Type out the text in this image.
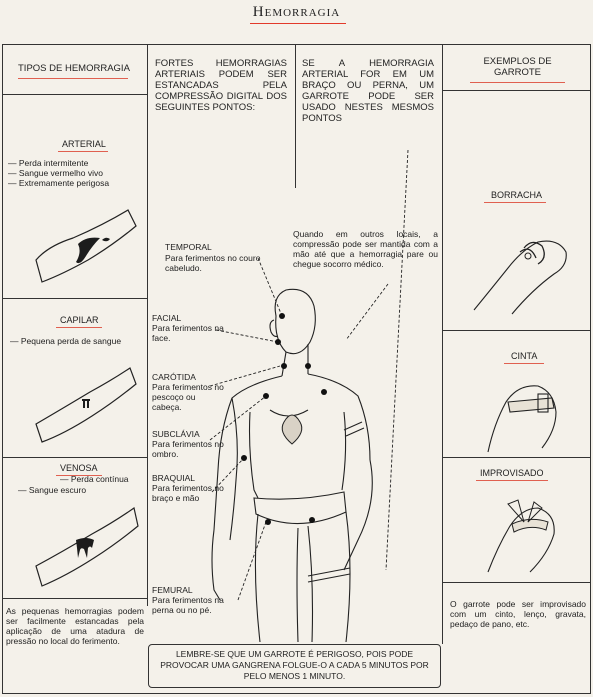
Hemorragia
TIPOS DE HEMORRAGIA	FORTES HEMORRAGIAS ARTERIAIS PODEM SER ESTANCADAS PELA COMPRESSÃO DIGITAL DOS SEGUINTES PONTOS:
SE A HEMORRAGIA ARTERIAL FOR EM UM BRAÇO OU PERNA, UM GARROTE PODE SER USADO NESTES MESMOS PONTOS
EXEMPLOS DE GARROTE
ARTERIAL
— Perda intermitente
— Sangue vermelho vivo
— Extremamente perigosa
CAPILAR
— Pequena perda de sangue
VENOSA
— Perda contínua
— Sangue escuro
As pequenas hemorragias podem ser facilmente estancadas pela aplicação de uma atadura de pressão no local do ferimento.
Quando em outros locais, a compressão pode ser mantida com a mão até que a hemorragia pare ou chegue socorro médico.
TEMPORAL
Para ferimentos no couro cabeludo.
FACIAL
Para ferimentos na face.
CARÓTIDA
Para ferimentos no pescoço ou cabeça.
SUBCLÁVIA
Para ferimentos no ombro.
BRAQUIAL
Para ferimentos no braço e mão
FEMURAL
Para ferimentos na perna ou no pé.
BORRACHA
CINTA
IMPROVISADO
O garrote pode ser improvisado com um cinto, lenço, gravata, pedaço de pano, etc.
LEMBRE-SE QUE UM GARROTE É PERIGOSO, POIS PODE PROVOCAR UMA GANGRENA FOLGUE-O A CADA 5 MINUTOS POR PELO MENOS 1 MINUTO.
